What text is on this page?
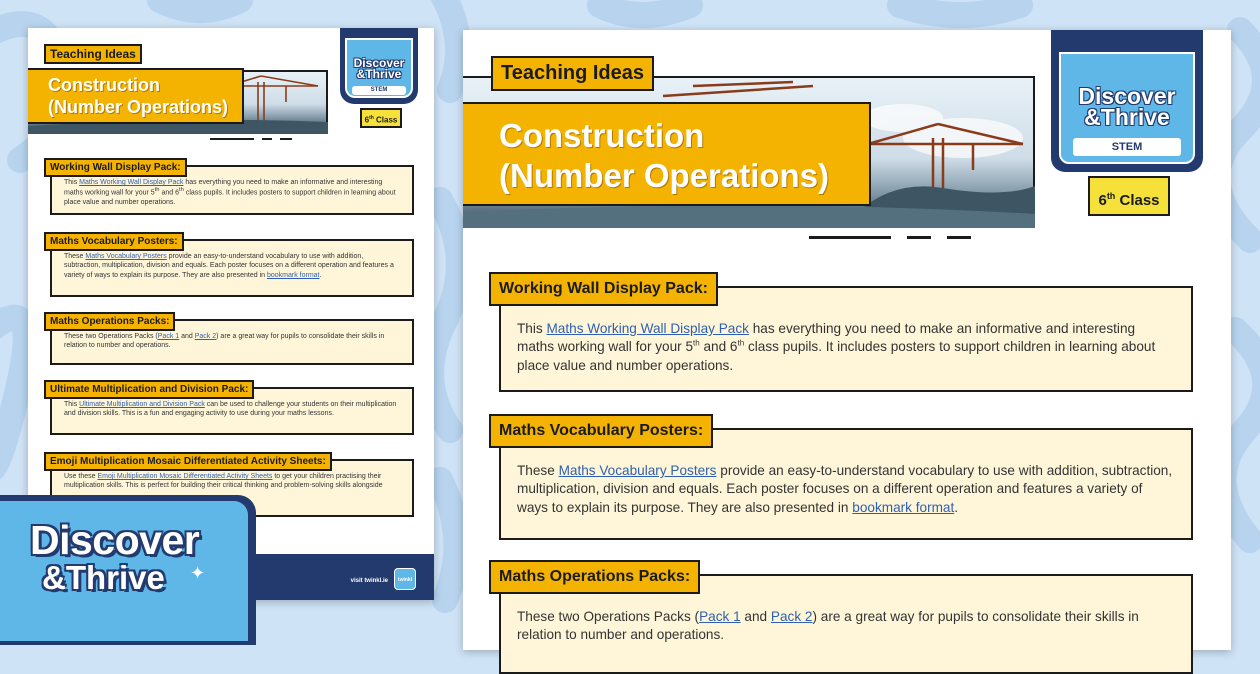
Teaching Ideas
Construction
(Number Operations)
Discover
&Thrive
STEM
6th Class
This Maths Working Wall Display Pack has everything you need to make an informative and interesting maths working wall for your 5th and 6th class pupils. It includes posters to support children in learning about place value and number operations.
Working Wall Display Pack:
These Maths Vocabulary Posters provide an easy-to-understand vocabulary to use with addition, subtraction, multiplication, division and equals. Each poster focuses on a different operation and features a variety of ways to explain its purpose. They are also presented in bookmark format.
Maths Vocabulary Posters:
These two Operations Packs (Pack 1 and Pack 2) are a great way for pupils to consolidate their skills in relation to number and operations.
Maths Operations Packs:
This Ultimate Multiplication and Division Pack can be used to challenge your students on their multiplication and division skills. This is a fun and engaging activity to use during your maths lessons.
Ultimate Multiplication and Division Pack:
Use these Emoji Multiplication Mosaic Differentiated Activity Sheets to get your children practising their multiplication skills. This is perfect for building their critical thinking and problem-solving skills alongside
Emoji Multiplication Mosaic Differentiated Activity Sheets:
visit twinkl.ie	twinkl
Teaching Ideas
Construction
(Number Operations)
Discover
&Thrive
STEM
6th Class
This Maths Working Wall Display Pack has everything you need to make an informative and interesting maths working wall for your 5th and 6th class pupils. It includes posters to support children in learning about place value and number operations.
Working Wall Display Pack:
These Maths Vocabulary Posters provide an easy-to-understand vocabulary to use with addition, subtraction, multiplication, division and equals. Each poster focuses on a different operation and features a variety of ways to explain its purpose. They are also presented in bookmark format.
Maths Vocabulary Posters:
These two Operations Packs (Pack 1 and Pack 2) are a great way for pupils to consolidate their skills in relation to number and operations.
Maths Operations Packs:
Discover
&Thrive ✦
